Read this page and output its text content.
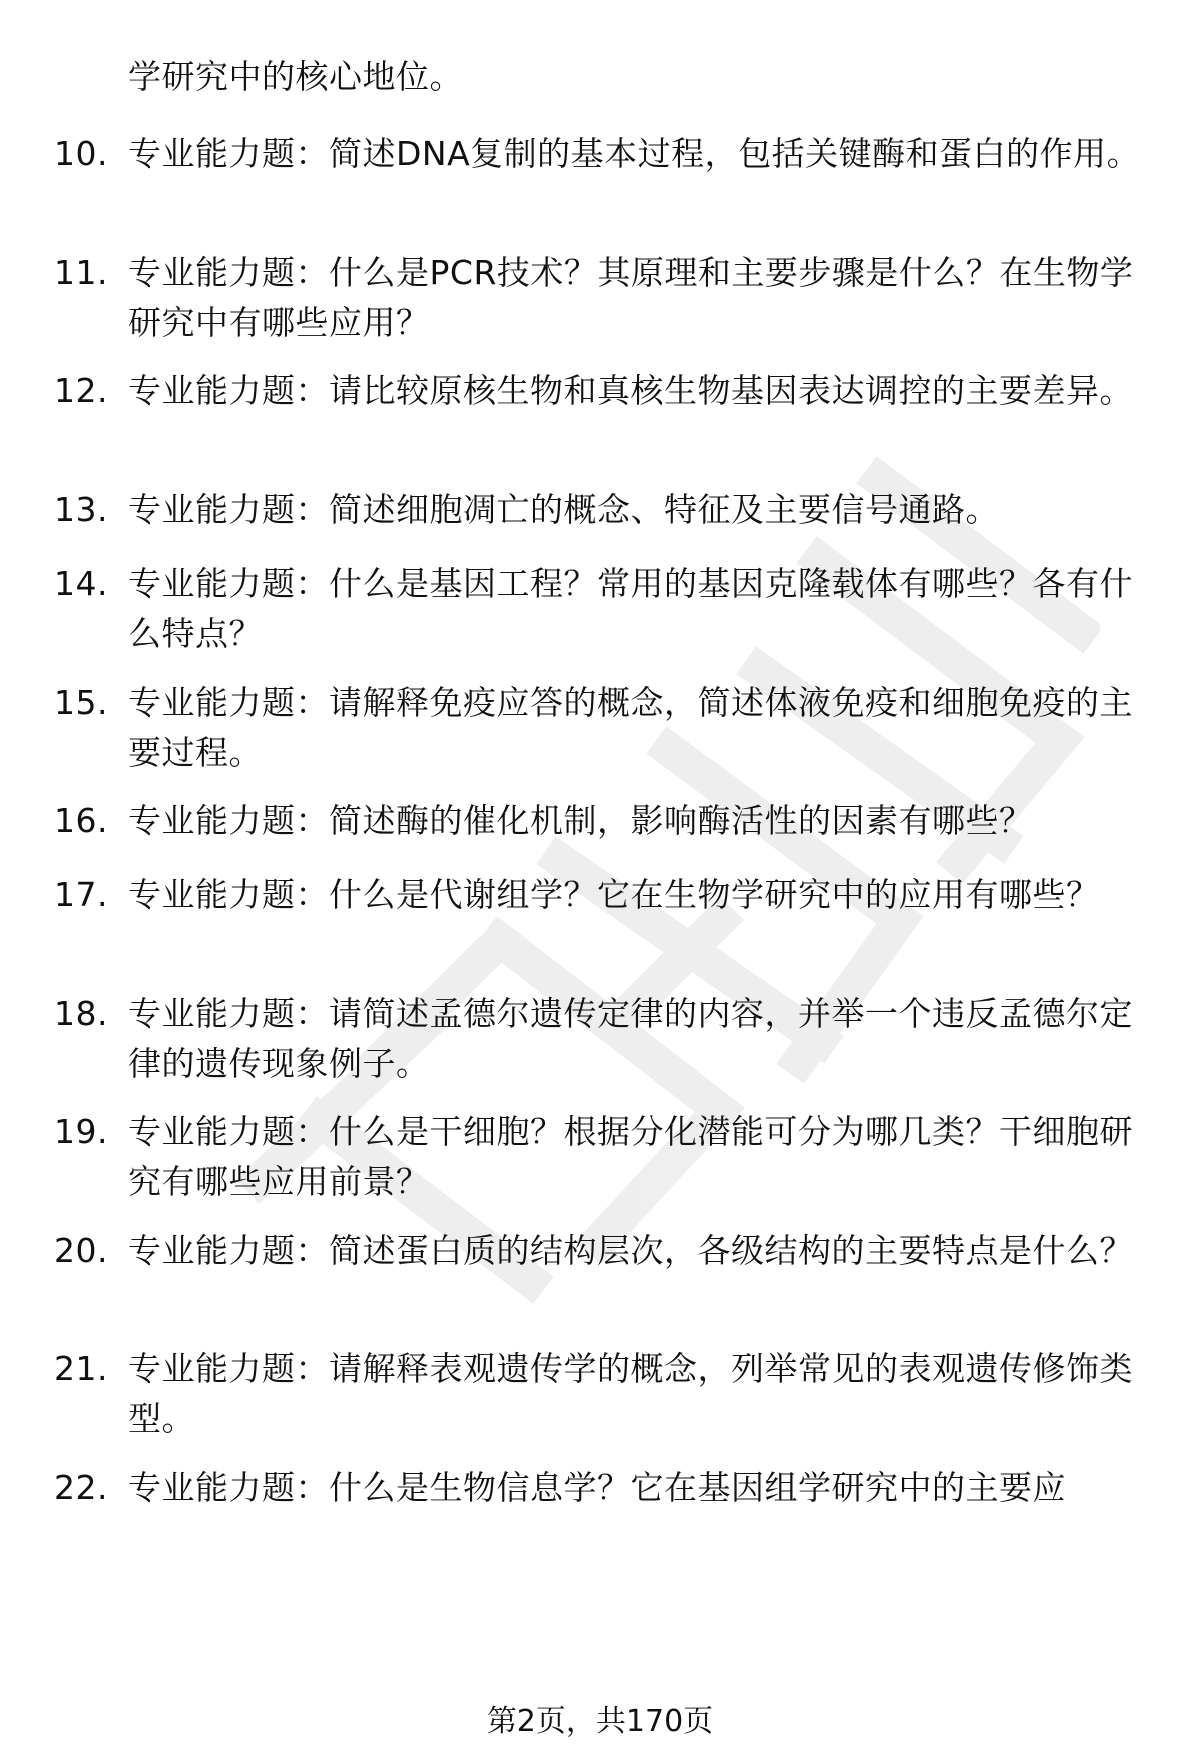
学研究中的核心地位。
10. 专业能力题：简述DNA复制的基本过程，包括关键酶和蛋白的作用。
11. 专业能力题：什么是PCR技术？其原理和主要步骤是什么？在生物学研究中有哪些应用？
12. 专业能力题：请比较原核生物和真核生物基因表达调控的主要差异。
13. 专业能力题：简述细胞凋亡的概念、特征及主要信号通路。
14. 专业能力题：什么是基因工程？常用的基因克隆载体有哪些？各有什么特点？
15. 专业能力题：请解释免疫应答的概念，简述体液免疫和细胞免疫的主要过程。
16. 专业能力题：简述酶的催化机制，影响酶活性的因素有哪些？
17. 专业能力题：什么是代谢组学？它在生物学研究中的应用有哪些？
18. 专业能力题：请简述孟德尔遗传定律的内容，并举一个违反孟德尔定律的遗传现象例子。
19. 专业能力题：什么是干细胞？根据分化潜能可分为哪几类？干细胞研究有哪些应用前景？
20. 专业能力题：简述蛋白质的结构层次，各级结构的主要特点是什么？
21. 专业能力题：请解释表观遗传学的概念，列举常见的表观遗传修饰类型。
22. 专业能力题：什么是生物信息学？它在基因组学研究中的主要应
第2页，共170页
